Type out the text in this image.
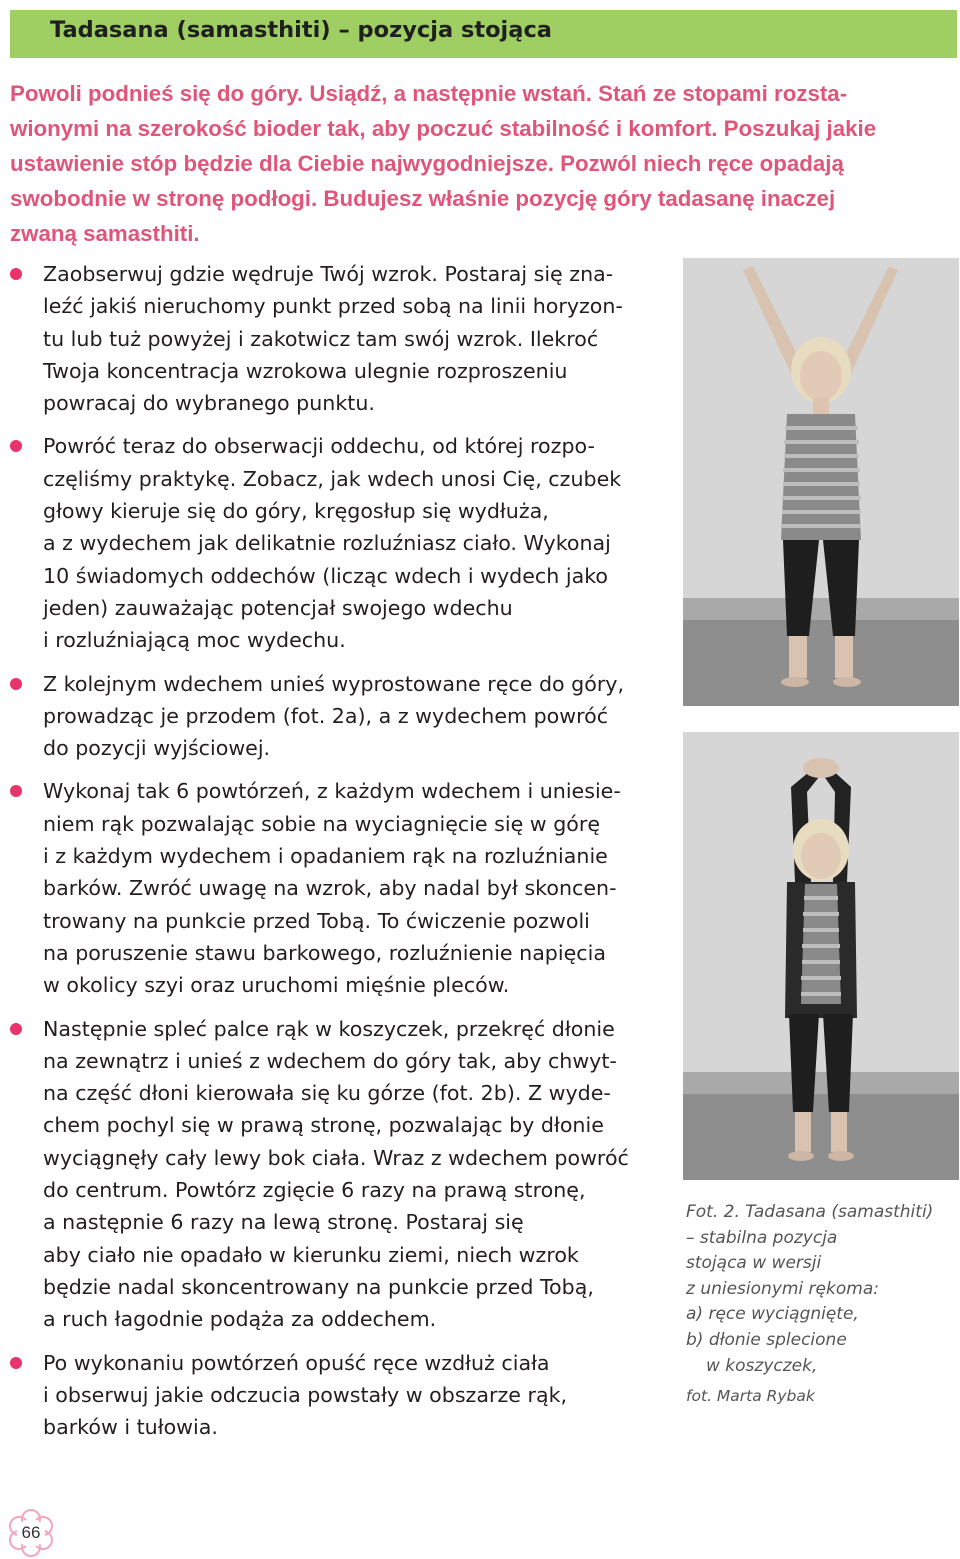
Tadasana (samasthiti) – pozycja stojąca
Powoli podnieś się do góry. Usiądź, a następnie wstań. Stań ze stopami rozsta-
wionymi na szerokość bioder tak, aby poczuć stabilność i komfort. Poszukaj jakie
ustawienie stóp będzie dla Ciebie najwygodniejsze. Pozwól niech ręce opadają
swobodnie w stronę podłogi. Budujesz właśnie pozycję góry tadasanę inaczej
zwaną samasthiti.
Zaobserwuj gdzie wędruje Twój wzrok. Postaraj się zna-
leźć jakiś nieruchomy punkt przed sobą na linii horyzon-
tu lub tuż powyżej i zakotwicz tam swój wzrok. Ilekroć
Twoja koncentracja wzrokowa ulegnie rozproszeniu
powracaj do wybranego punktu.
Powróć teraz do obserwacji oddechu, od której rozpo-
częliśmy praktykę. Zobacz, jak wdech unosi Cię, czubek
głowy kieruje się do góry, kręgosłup się wydłuża,
a z wydechem jak delikatnie rozluźniasz ciało. Wykonaj
10 świadomych oddechów (licząc wdech i wydech jako
jeden) zauważając potencjał swojego wdechu
i rozluźniającą moc wydechu.
Z kolejnym wdechem unieś wyprostowane ręce do góry,
prowadząc je przodem (fot. 2a), a z wydechem powróć
do pozycji wyjściowej.
Wykonaj tak 6 powtórzeń, z każdym wdechem i uniesie-
niem rąk pozwalając sobie na wyciagnięcie się w górę
i z każdym wydechem i opadaniem rąk na rozluźnianie
barków. Zwróć uwagę na wzrok, aby nadal był skoncen-
trowany na punkcie przed Tobą. To ćwiczenie pozwoli
na poruszenie stawu barkowego, rozluźnienie napięcia
w okolicy szyi oraz uruchomi mięśnie pleców.
Następnie spleć palce rąk w koszyczek, przekręć dłonie
na zewnątrz i unieś z wdechem do góry tak, aby chwyt-
na część dłoni kierowała się ku górze (fot. 2b). Z wyde-
chem pochyl się w prawą stronę, pozwalając by dłonie
wyciągnęły cały lewy bok ciała. Wraz z wdechem powróć
do centrum. Powtórz zgięcie 6 razy na prawą stronę,
a następnie 6 razy na lewą stronę. Postaraj się
aby ciało nie opadało w kierunku ziemi, niech wzrok
będzie nadal skoncentrowany na punkcie przed Tobą,
a ruch łagodnie podąża za oddechem.
Po wykonaniu powtórzeń opuść ręce wzdłuż ciała
i obserwuj jakie odczucia powstały w obszarze rąk,
barków i tułowia.
Fot. 2. Tadasana (samasthiti)
– stabilna pozycja
stojąca w wersji
z uniesionymi rękoma:
a) ręce wyciągnięte,
b) dłonie splecione
w koszyczek,
fot. Marta Rybak
66
